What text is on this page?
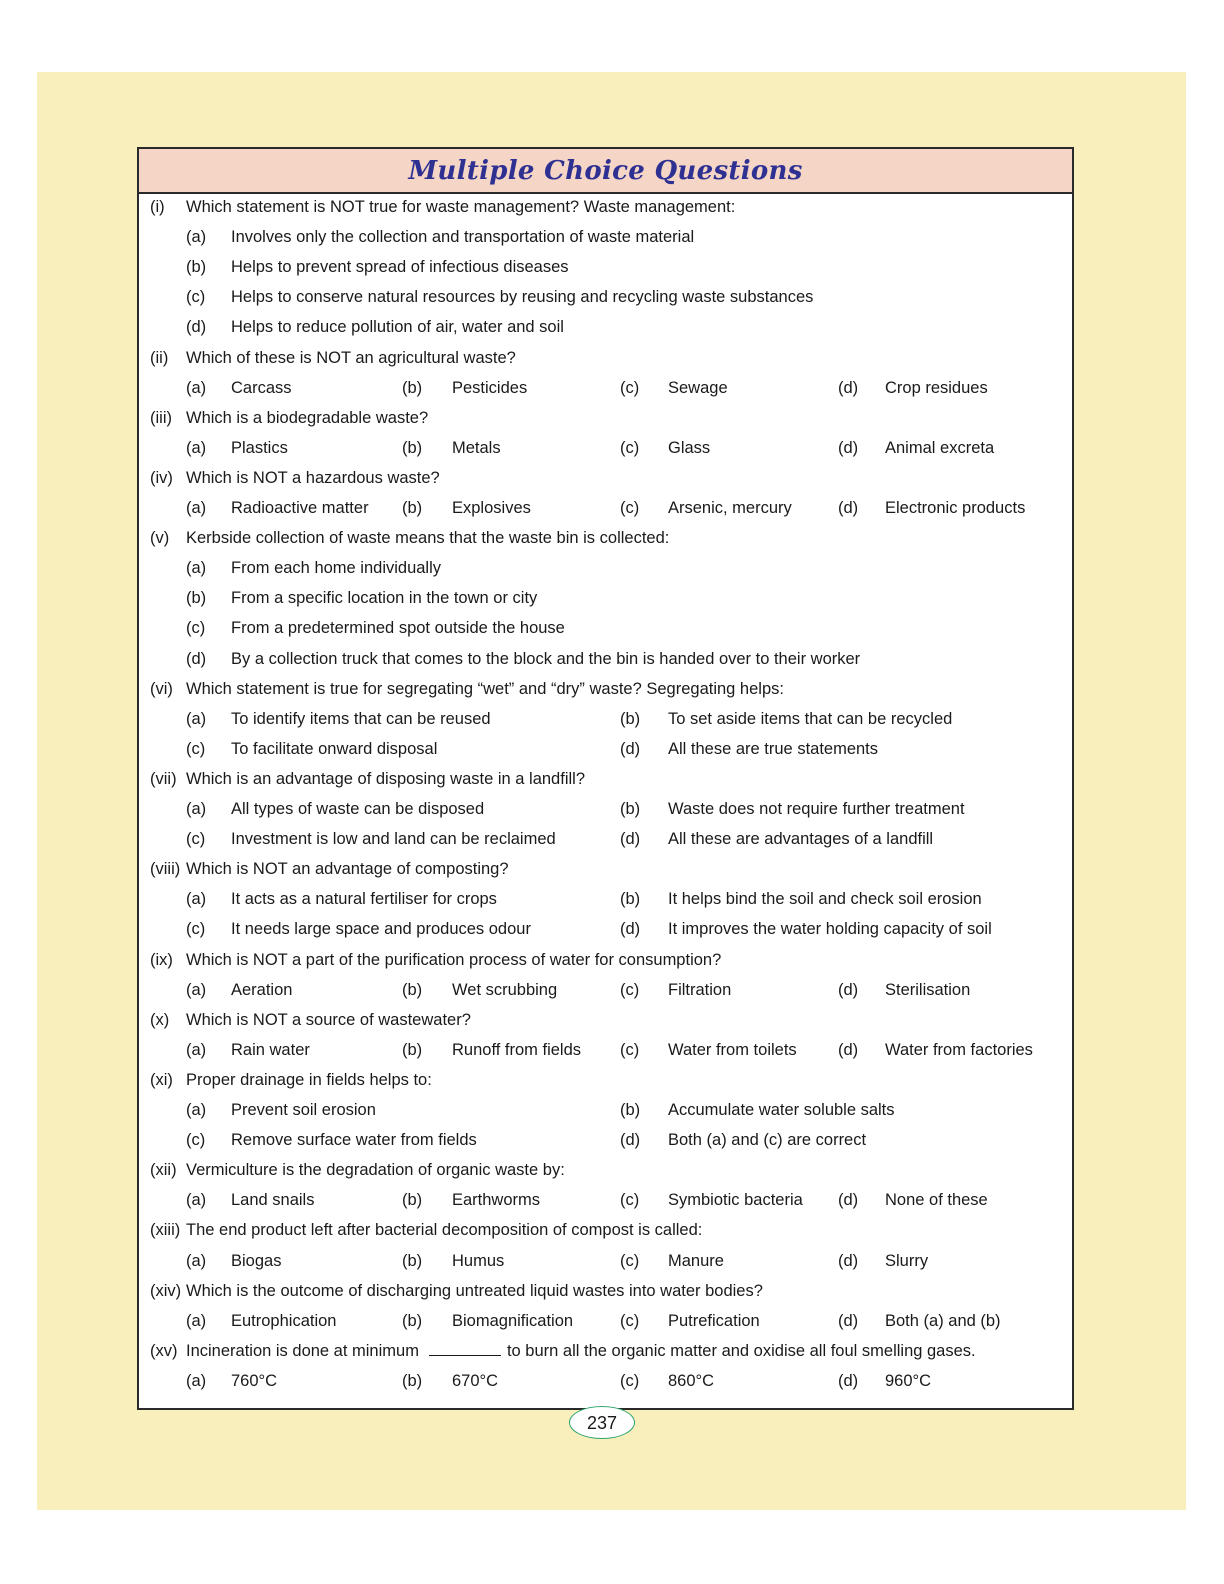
Multiple Choice Questions
(i) Which statement is NOT true for waste management? Waste management:
(a) Involves only the collection and transportation of waste material
(b) Helps to prevent spread of infectious diseases
(c) Helps to conserve natural resources by reusing and recycling waste substances
(d) Helps to reduce pollution of air, water and soil
(ii) Which of these is NOT an agricultural waste?
(a) Carcass	(b) Pesticides	(c) Sewage	(d) Crop residues
(iii) Which is a biodegradable waste?
(a) Plastics	(b) Metals	(c) Glass	(d) Animal excreta
(iv) Which is NOT a hazardous waste?
(a) Radioactive matter (b) Explosives	(c) Arsenic, mercury	(d) Electronic products
(v) Kerbside collection of waste means that the waste bin is collected:
(a) From each home individually
(b) From a specific location in the town or city
(c) From a predetermined spot outside the house
(d) By a collection truck that comes to the block and the bin is handed over to their worker
(vi) Which statement is true for segregating “wet” and “dry” waste? Segregating helps:
(a) To identify items that can be reused	(b) To set aside items that can be recycled
(c) To facilitate onward disposal	(d) All these are true statements
(vii) Which is an advantage of disposing waste in a landfill?
(a) All types of waste can be disposed	(b) Waste does not require further treatment
(c) Investment is low and land can be reclaimed	(d) All these are advantages of a landfill
(viii) Which is NOT an advantage of composting?
(a) It acts as a natural fertiliser for crops	(b) It helps bind the soil and check soil erosion
(c) It needs large space and produces odour	(d) It improves the water holding capacity of soil
(ix) Which is NOT a part of the purification process of water for consumption?
(a) Aeration	(b) Wet scrubbing	(c) Filtration	(d) Sterilisation
(x) Which is NOT a source of wastewater?
(a) Rain water	(b) Runoff from fields (c) Water from toilets	(d) Water from factories
(xi) Proper drainage in fields helps to:
(a) Prevent soil erosion	(b) Accumulate water soluble salts
(c) Remove surface water from fields	(d) Both (a) and (c) are correct
(xii) Vermiculture is the degradation of organic waste by:
(a) Land snails	(b) Earthworms	(c) Symbiotic bacteria (d) None of these
(xiii) The end product left after bacterial decomposition of compost is called:
(a) Biogas	(b) Humus	(c) Manure	(d) Slurry
(xiv) Which is the outcome of discharging untreated liquid wastes into water bodies?
(a) Eutrophication	(b) Biomagnification	(c) Putrefication	(d) Both (a) and (b)
(xv) Incineration is done at minimum	to burn all the organic matter and oxidise all foul smelling gases.
(a) 760°C	(b) 670°C	(c) 860°C	(d) 960°C
237
